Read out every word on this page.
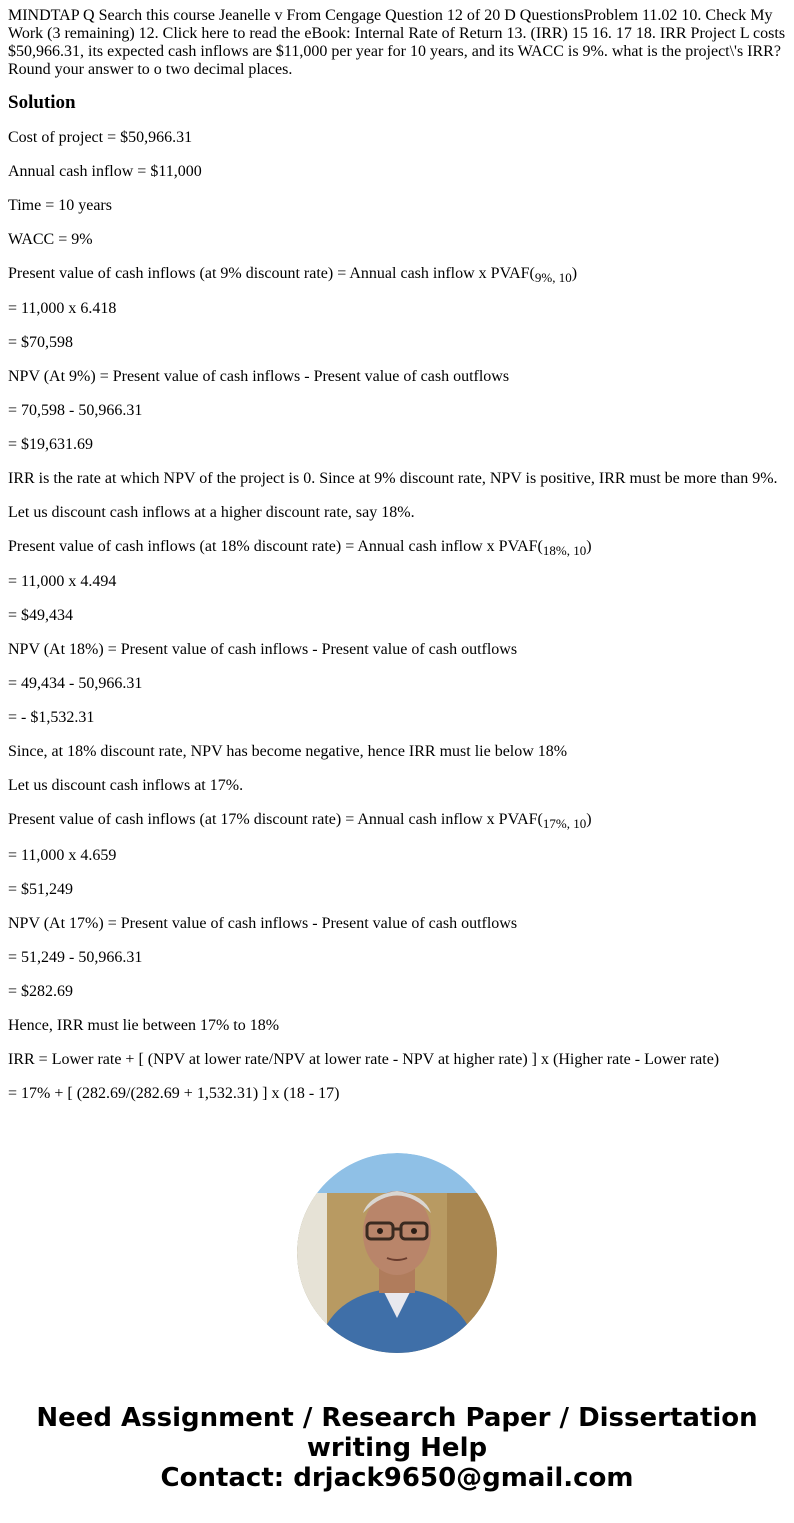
MINDTAP Q Search this course Jeanelle v From Cengage Question 12 of 20 D QuestionsProblem 11.02 10. Check My Work (3 remaining) 12. Click here to read the eBook: Internal Rate of Return 13. (IRR) 15 16. 17 18. IRR Project L costs $50,966.31, its expected cash inflows are $11,000 per year for 10 years, and its WACC is 9%. what is the project\'s IRR? Round your answer to o two decimal places.
Solution

Cost of project = $50,966.31

Annual cash inflow = $11,000

Time = 10 years

WACC = 9%

Present value of cash inflows (at 9% discount rate) = Annual cash inflow x $PVAF(_{9\%, 10})$

= 11,000 x 6.418

= $70,598

NPV (At 9%) = Present value of cash inflows - Present value of cash outflows

= 70,598 - 50,966.31

= $19,631.69

IRR is the rate at which NPV of the project is 0. Since at 9% discount rate, NPV is positive, IRR must be more than 9%.

Let us discount cash inflows at a higher discount rate, say 18%.

Present value of cash inflows (at 18% discount rate) = Annual cash inflow x $PVAF(_{18\%, 10})$

= 11,000 x 4.494

= $49,434

NPV (At 18%) = Present value of cash inflows - Present value of cash outflows

= 49,434 - 50,966.31

= - $1,532.31

Since, at 18% discount rate, NPV has become negative, hence IRR must lie below 18%

Let us discount cash inflows at 17%.

Present value of cash inflows (at 17% discount rate) = Annual cash inflow x $PVAF(_{17\%, 10})$

= 11,000 x 4.659

= $51,249

NPV (At 17%) = Present value of cash inflows - Present value of cash outflows

= 51,249 - 50,966.31

= $282.69

Hence, IRR must lie between 17% to 18%

IRR = Lower rate + [ (NPV at lower rate/NPV at lower rate - NPV at higher rate) ] x (Higher rate - Lower rate)

= 17% + [ (282.69/(282.69 + 1,532.31) ] x (18 - 17)

Need Assignment / Research Paper / Dissertation
writing Help
Contact: drjack9650@gmail.com
